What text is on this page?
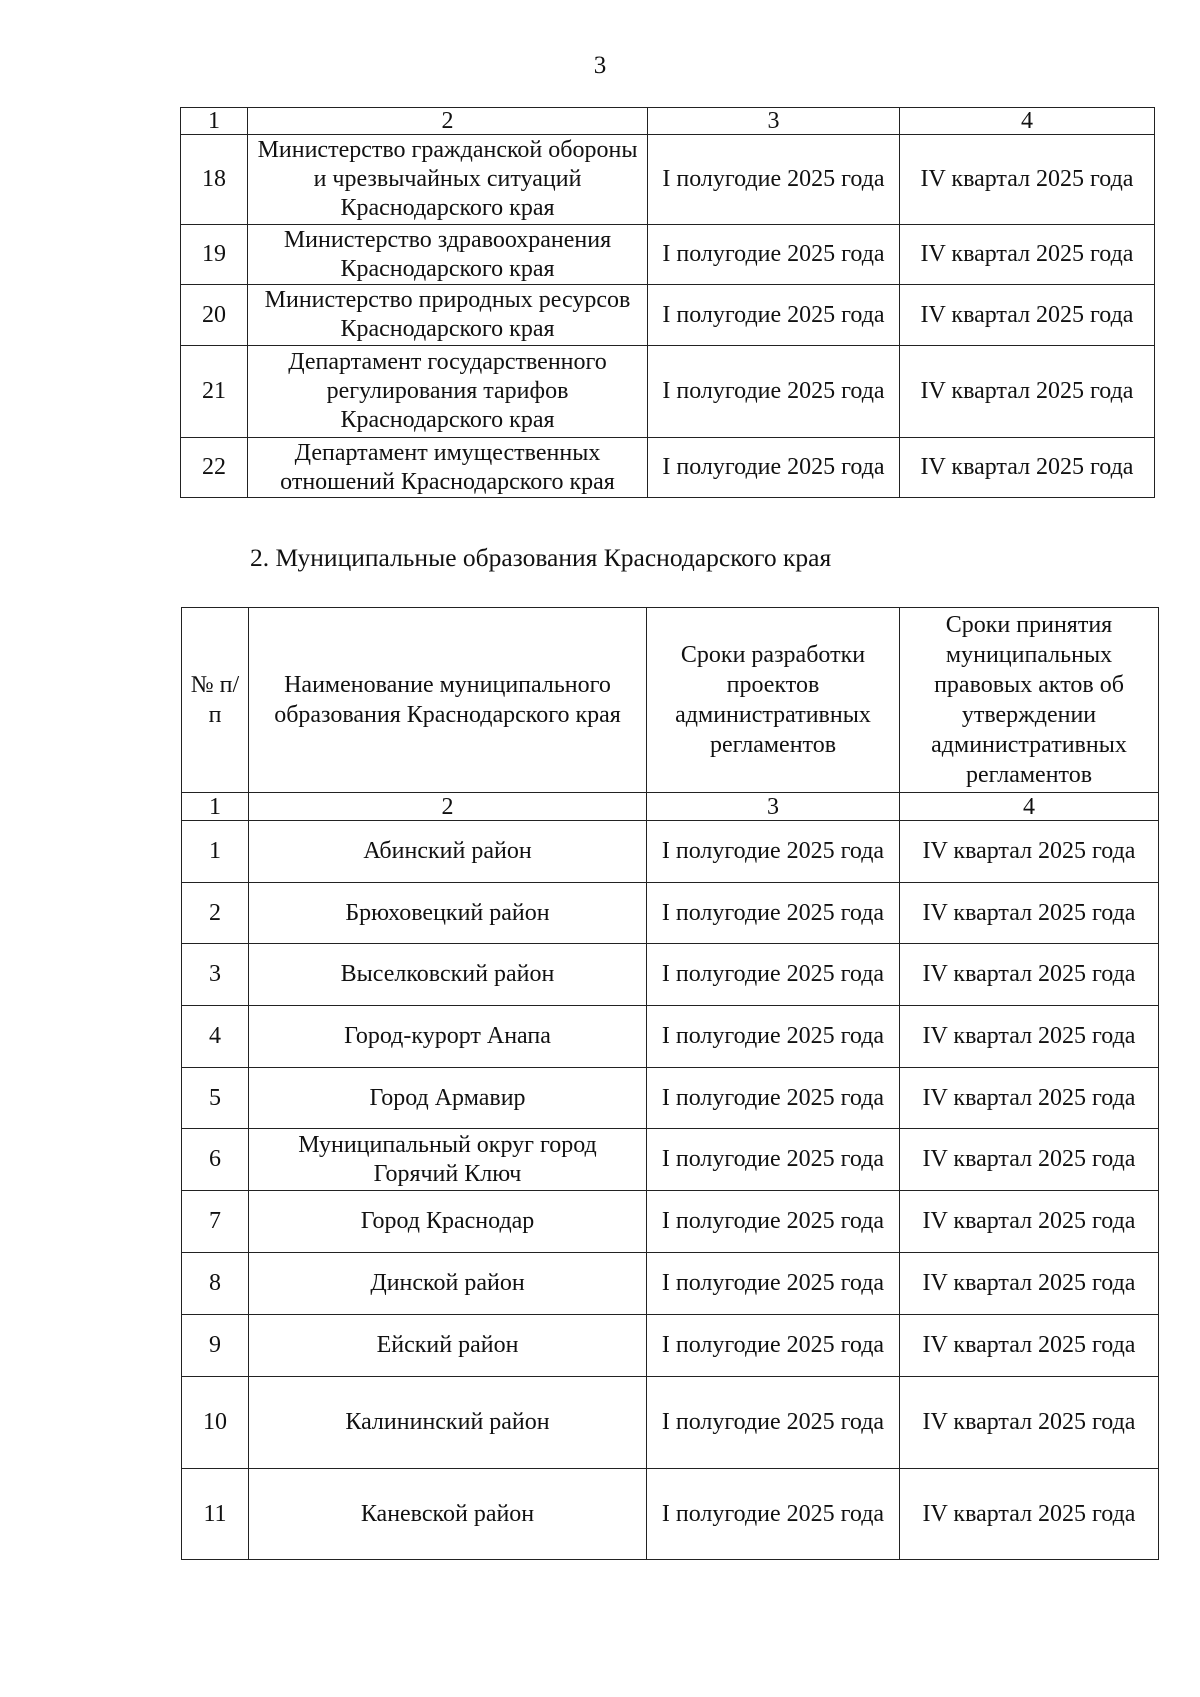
3
1	2	3	4
18	Министерство гражданской обороны и чрезвычайных ситуаций Краснодарского края	I полугодие 2025 года	IV квартал 2025 года
19	Министерство здравоохранения Краснодарского края	I полугодие 2025 года	IV квартал 2025 года
20	Министерство природных ресурсов Краснодарского края	I полугодие 2025 года	IV квартал 2025 года
21	Департамент государственного регулирования тарифов Краснодарского края	I полугодие 2025 года	IV квартал 2025 года
22	Департамент имущественных отношений Краснодарского края	I полугодие 2025 года	IV квартал 2025 года
2. Муниципальные образования Краснодарского края
№ п/п	Наименование муниципального образования Краснодарского края	Сроки разработки проектов административных регламентов	Сроки принятия муниципальных правовых актов об утверждении административных регламентов
1	2	3	4
1	Абинский район	I полугодие 2025 года	IV квартал 2025 года
2	Брюховецкий район	I полугодие 2025 года	IV квартал 2025 года
3	Выселковский район	I полугодие 2025 года	IV квартал 2025 года
4	Город-курорт Анапа	I полугодие 2025 года	IV квартал 2025 года
5	Город Армавир	I полугодие 2025 года	IV квартал 2025 года
6	Муниципальный округ город Горячий Ключ	I полугодие 2025 года	IV квартал 2025 года
7	Город Краснодар	I полугодие 2025 года	IV квартал 2025 года
8	Динской район	I полугодие 2025 года	IV квартал 2025 года
9	Ейский район	I полугодие 2025 года	IV квартал 2025 года
10	Калининский район	I полугодие 2025 года	IV квартал 2025 года
11	Каневской район	I полугодие 2025 года	IV квартал 2025 года
